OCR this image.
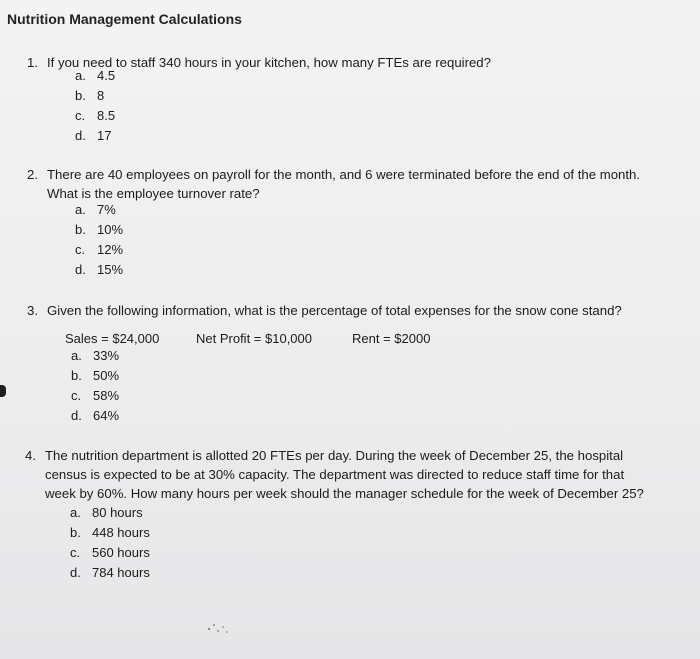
Nutrition Management Calculations
1. If you need to staff 340 hours in your kitchen, how many FTEs are required?
a. 4.5
b. 8
c. 8.5
d. 17
2. There are 40 employees on payroll for the month, and 6 were terminated before the end of the month.
What is the employee turnover rate?
a. 7%
b. 10%
c. 12%
d. 15%
3. Given the following information, what is the percentage of total expenses for the snow cone stand?
Sales = $24,000	Net Profit = $10,000	Rent = $2000
a. 33%
b. 50%
c. 58%
d. 64%
4. The nutrition department is allotted 20 FTEs per day. During the week of December 25, the hospital
census is expected to be at 30% capacity. The department was directed to reduce staff time for that
week by 60%. How many hours per week should the manager schedule for the week of December 25?
a. 80 hours
b. 448 hours
c. 560 hours
d. 784 hours
